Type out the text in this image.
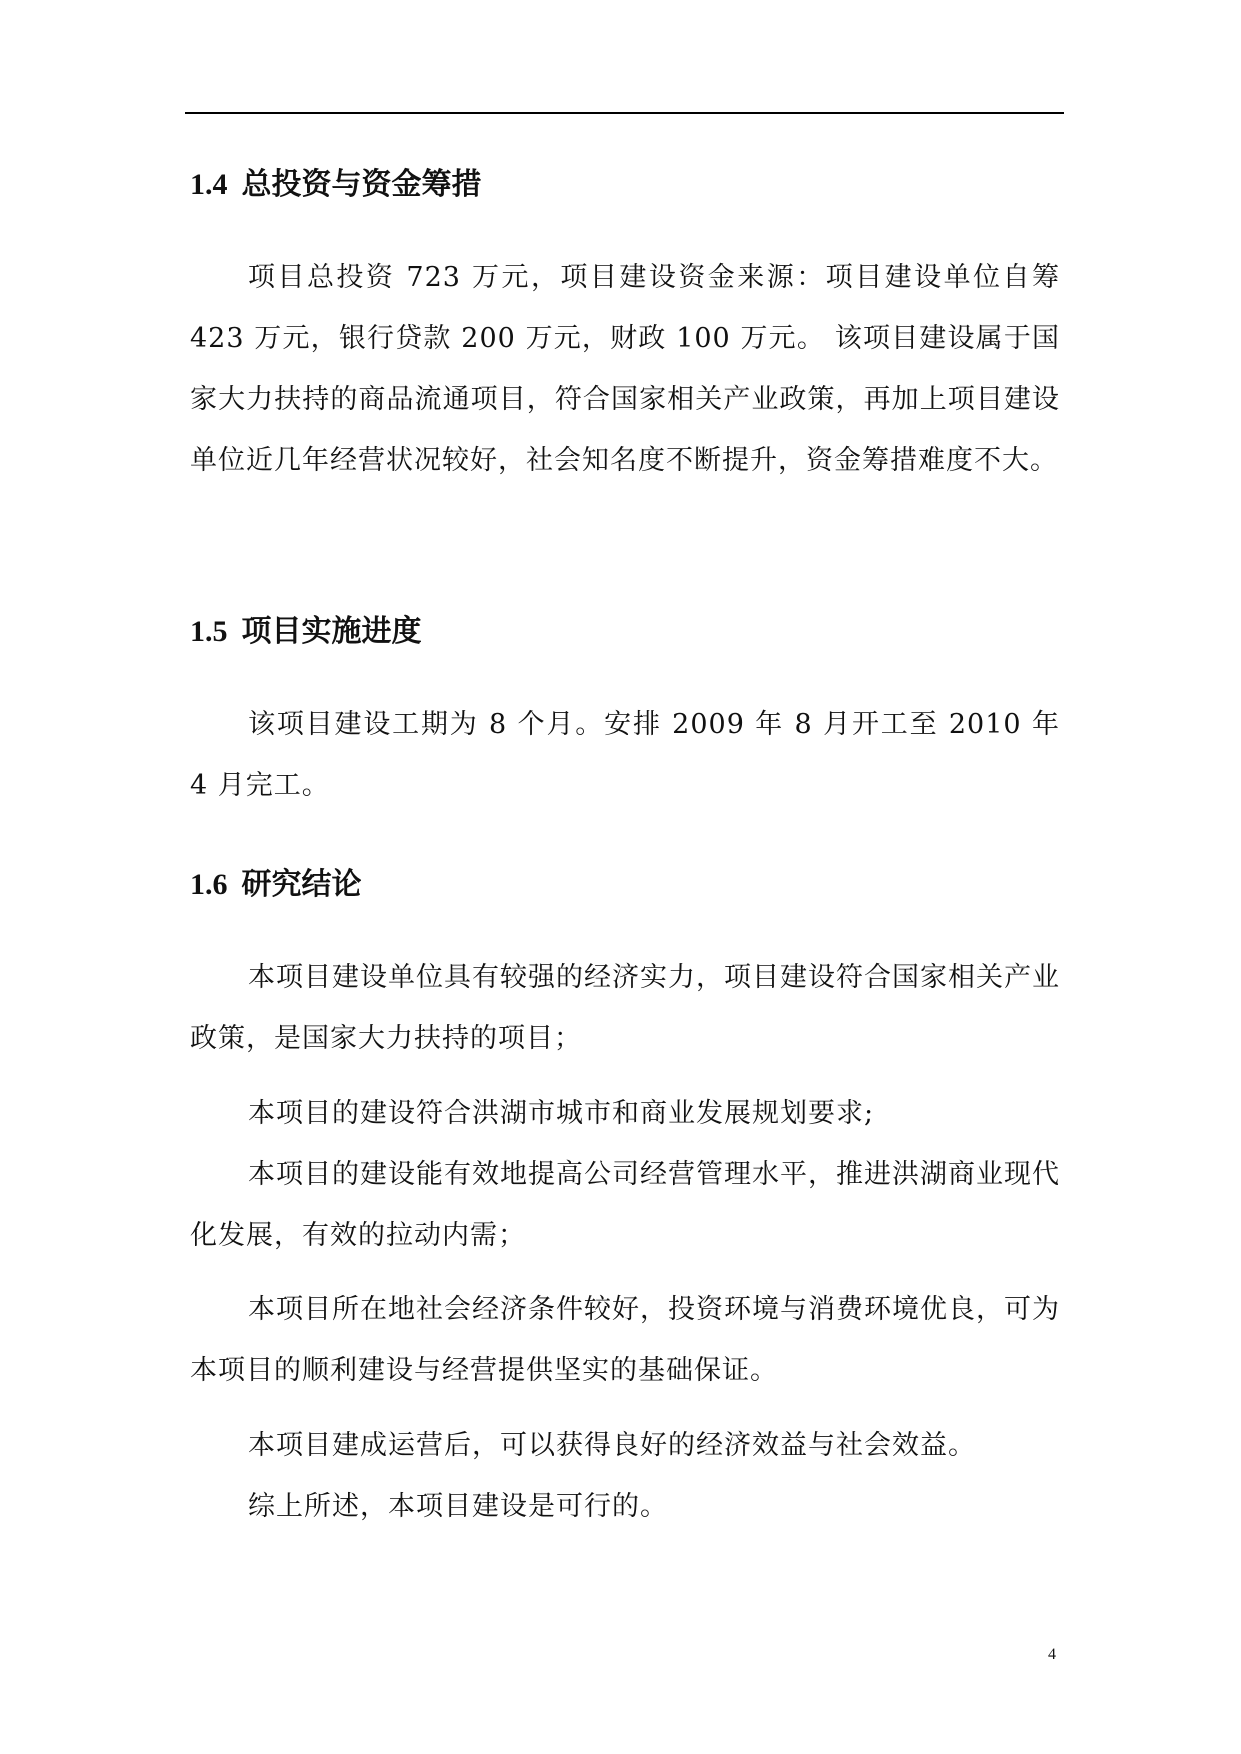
1.4 总投资与资金筹措

项目总投资 723 万元，项目建设资金来源：项目建设单位自筹 423 万元，银行贷款 200 万元，财政 100 万元。 该项目建设属于国家大力扶持的商品流通项目，符合国家相关产业政策，再加上项目建设单位近几年经营状况较好，社会知名度不断提升，资金筹措难度不大。

1.5 项目实施进度

该项目建设工期为 8 个月。安排 2009 年 8 月开工至 2010 年 4 月完工。

1.6 研究结论

本项目建设单位具有较强的经济实力，项目建设符合国家相关产业政策，是国家大力扶持的项目；

本项目的建设符合洪湖市城市和商业发展规划要求;

本项目的建设能有效地提高公司经营管理水平，推进洪湖商业现代化发展，有效的拉动内需；

本项目所在地社会经济条件较好，投资环境与消费环境优良，可为本项目的顺利建设与经营提供坚实的基础保证。

本项目建成运营后，可以获得良好的经济效益与社会效益。

综上所述，本项目建设是可行的。

4
